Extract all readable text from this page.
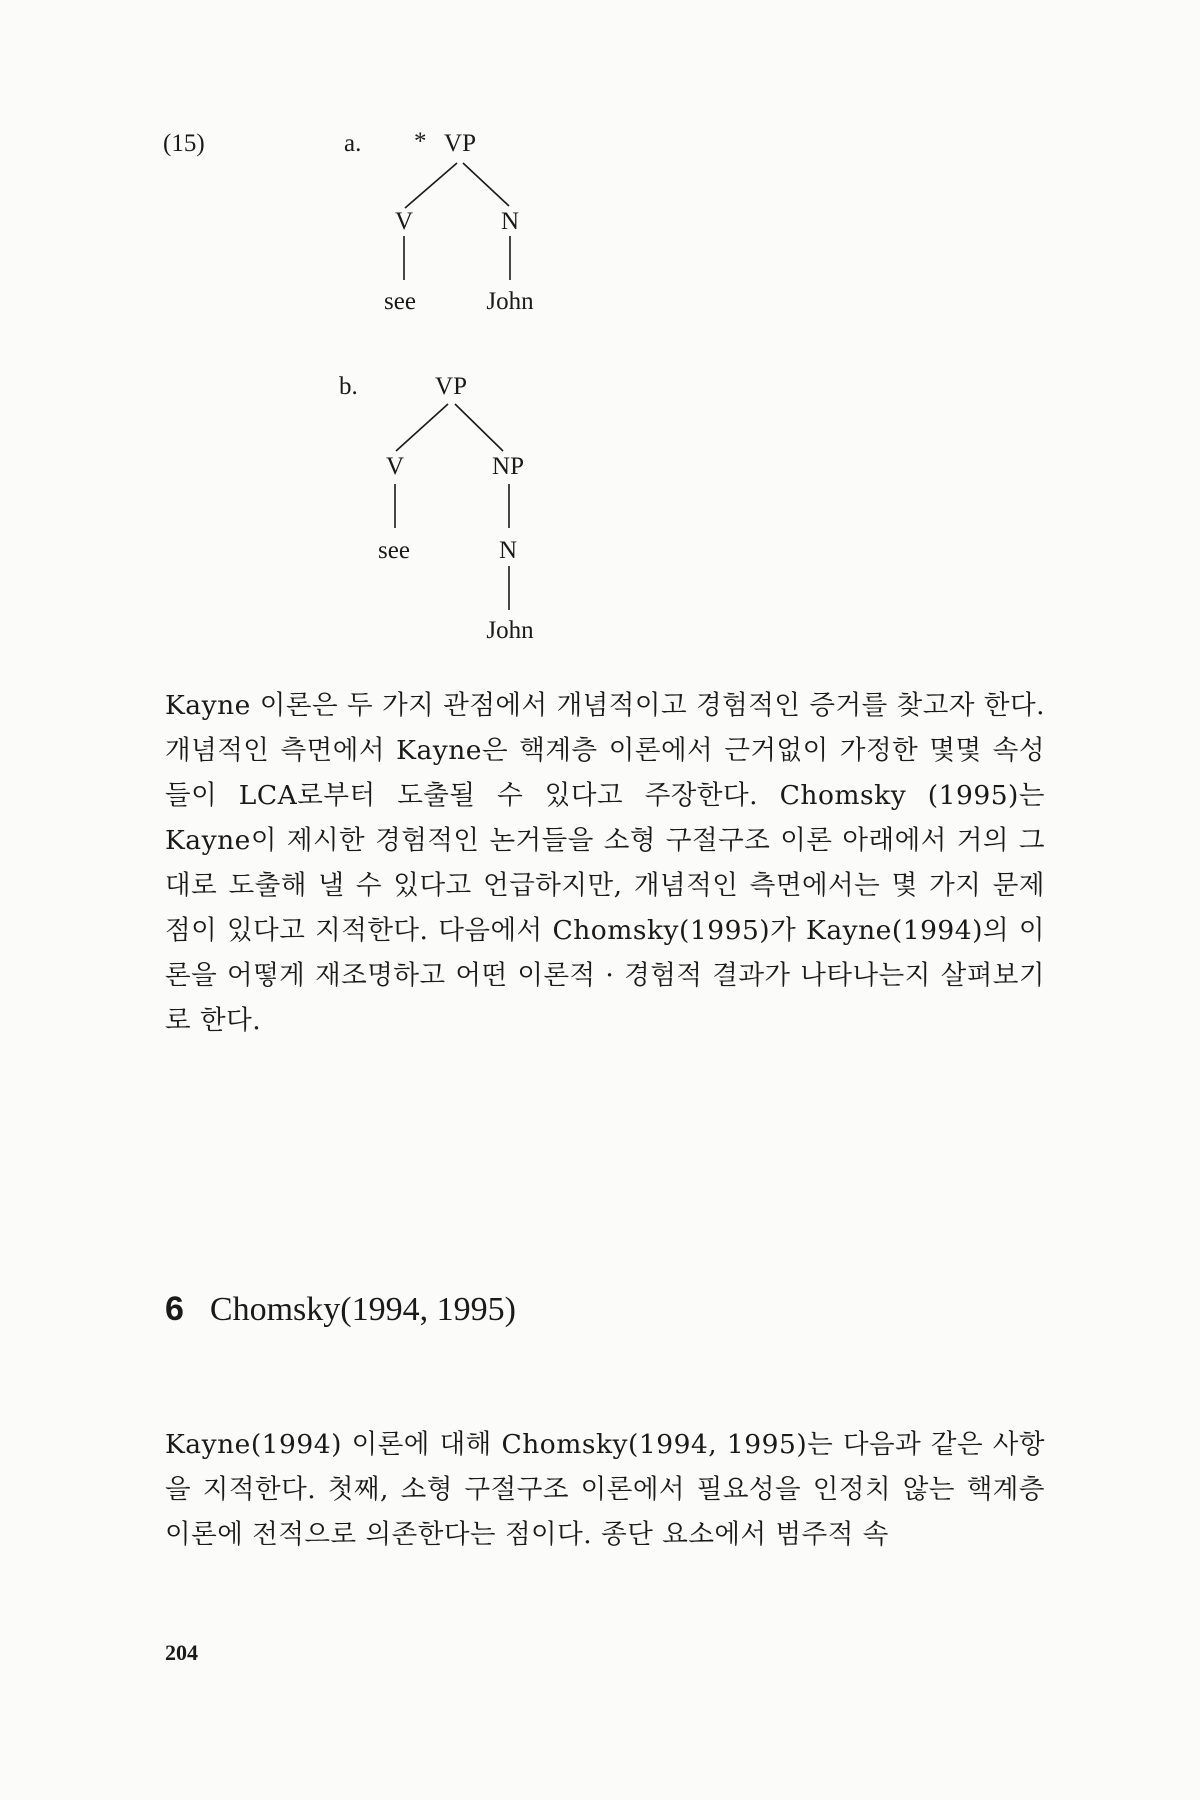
(15)	a. * VP
V	N
see	John
b.	VP
V	NP
see	N
John

Kayne 이론은 두 가지 관점에서 개념적이고 경험적인 증거를 찾고자 한다. 개념적인 측면에서 Kayne은 핵계층 이론에서 근거없이 가정한 몇몇 속성들이 LCA로부터 도출될 수 있다고 주장한다. Chomsky (1995)는 Kayne이 제시한 경험적인 논거들을 소형 구절구조 이론 아래에서 거의 그대로 도출해 낼 수 있다고 언급하지만, 개념적인 측면에서는 몇 가지 문제점이 있다고 지적한다. 다음에서 Chomsky(1995)가 Kayne(1994)의 이론을 어떻게 재조명하고 어떤 이론적 · 경험적 결과가 나타나는지 살펴보기로 한다.

6 Chomsky(1994, 1995)

Kayne(1994) 이론에 대해 Chomsky(1994, 1995)는 다음과 같은 사항을 지적한다. 첫째, 소형 구절구조 이론에서 필요성을 인정치 않는 핵계층 이론에 전적으로 의존한다는 점이다. 종단 요소에서 범주적 속

204
